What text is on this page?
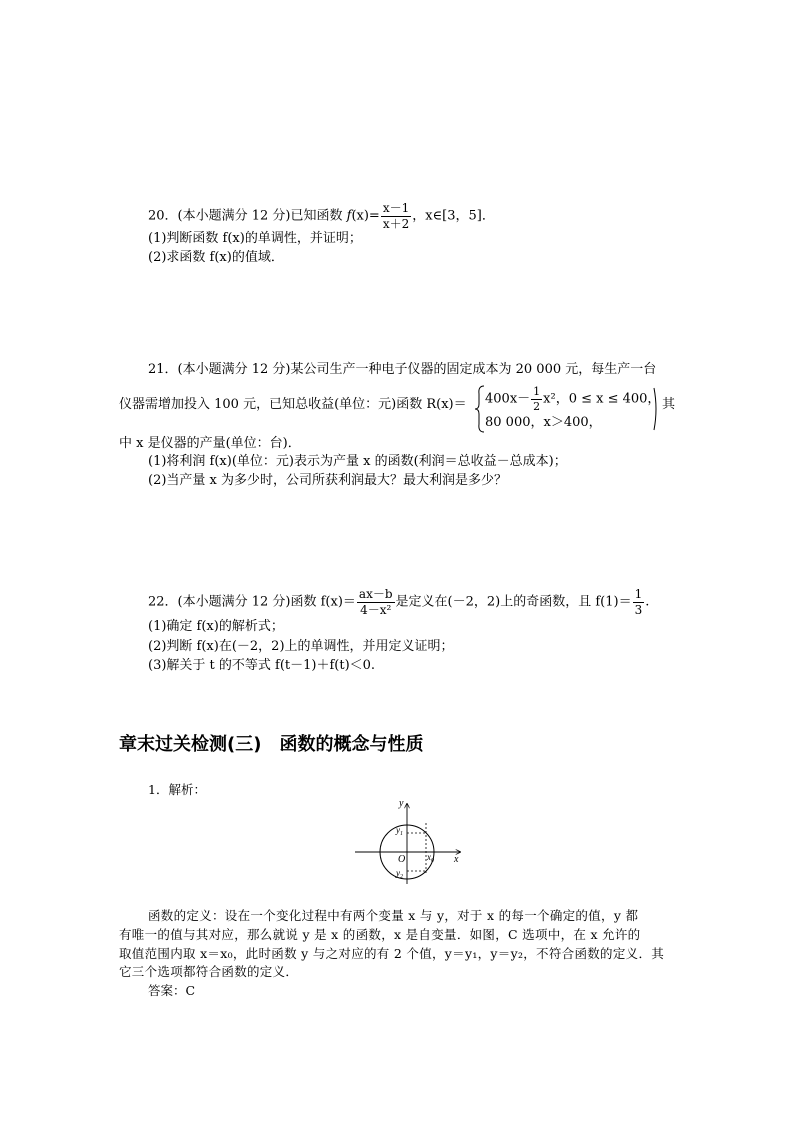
20．(本小题满分 12 分)已知函数 $f(x)= \frac{x-1}{x+2}$ ，x∈[3，5]．
(1)判断函数 f(x)的单调性，并证明；
(2)求函数 f(x)的值域．
21．(本小题满分 12 分)某公司生产一种电子仪器的固定成本为 20 000 元，每生产一台
仪器需增加投入 100 元，已知总收益(单位：元)函数 $R(x)= 400x- \frac{1}{2} x^2$，0 ≤ x ≤ 400，
80 000，x＞400，
其
中 x 是仪器的产量(单位：台)．
(1)将利润 f(x)(单位：元)表示为产量 x 的函数(利润＝总收益－总成本)；
(2)当产量 x 为多少时，公司所获利润最大？最大利润是多少？
22．(本小题满分 12 分)函数 $f(x)= \frac{ax-b}{\text{4－x²}}$ 是定义在(－2，2)上的奇函数，且 $f(1)= \frac{1}{3}$ .
(1)确定 f(x)的解析式；
(2)判断 f(x)在(－2，2)上的单调性，并用定义证明；
(3)解关于 t 的不等式 f(t－1)＋f(t)＜0.
章末过关检测(三)　函数的概念与性质
1．解析：
y
x
O
$y_1$
$y_2$
$x_0$
函数的定义：设在一个变化过程中有两个变量 x 与 y，对于 x 的每一个确定的值，y 都
有唯一的值与其对应，那么就说 y 是 x 的函数，x 是自变量．如图，C 选项中，在 x 允许的
取值范围内取 x＝x₀，此时函数 y 与之对应的有 2 个值，y＝y₁，y＝y₂，不符合函数的定义．其
它三个选项都符合函数的定义．
答案：C
